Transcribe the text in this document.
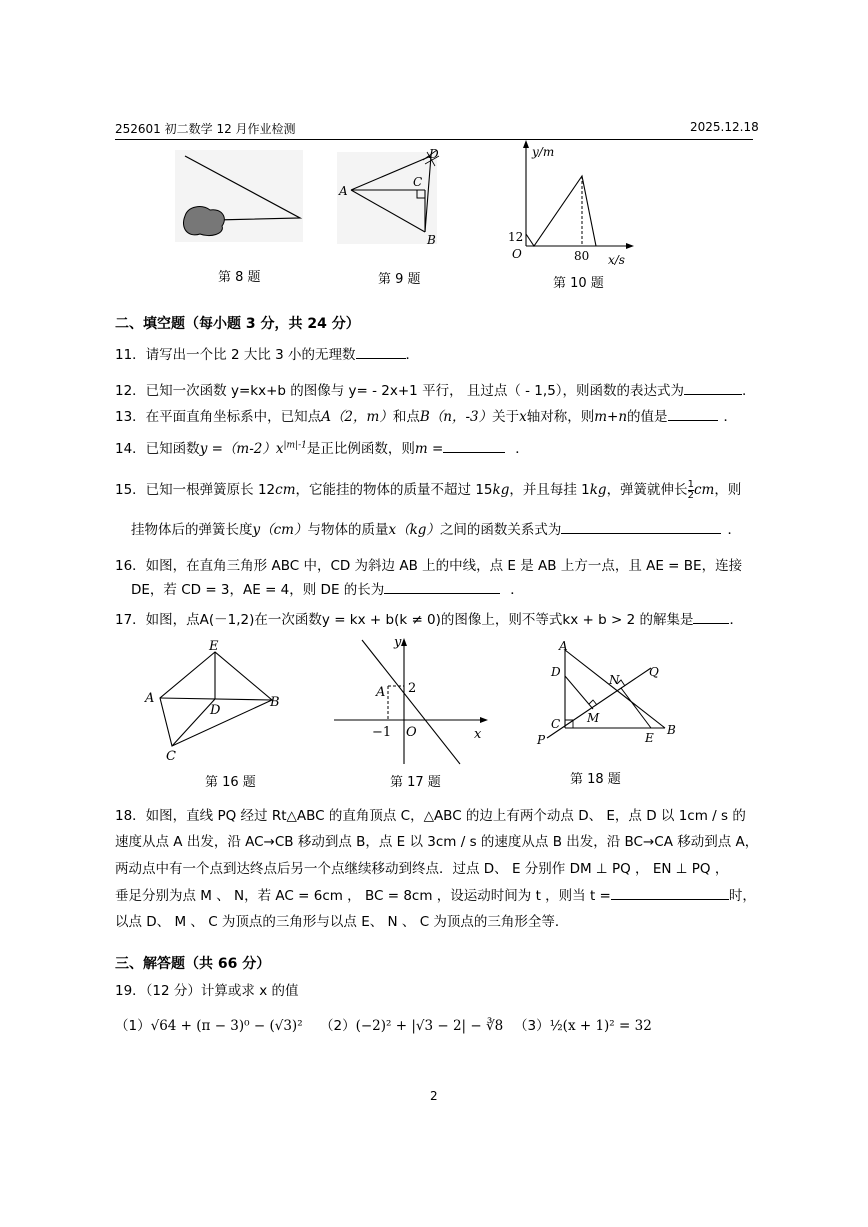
252601 初二数学 12 月作业检测	2025.12.18
第 8 题
A
B
C
D
第 9 题
y/m
x/s
O
12
80
第 10 题
二、填空题（每小题 3 分，共 24 分）
11．请写出一个比 2 大比 3 小的无理数	．
12．已知一次函数 y=kx+b 的图像与 y= - 2x+1 平行， 且过点（ - 1,5），则函数的表达式为	.
13．在平面直角坐标系中，已知点A（2，m）和点B（n，-3）关于x轴对称，则m+n的值是	．
14．已知函数$y =(m-2)x^{|m|-1}$是正比例函数，则m =	．
15．已知一根弹簧原长 12cm，它能挂的物体的质量不超过 15kg，并且每挂 1kg，弹簧就伸长 $\frac{1}{2}$ cm，则
挂物体后的弹簧长度y（cm）与物体的质量x（kg）之间的函数关系式为	．
16．如图，在直角三角形 ABC 中，CD 为斜边 AB 上的中线，点 E 是 AB 上方一点，且 AE = BE，连接
DE，若 CD = 3，AE = 4，则 DE 的长为	．
17．如图，点A(－1,2)在一次函数y = kx + b(k ≠ 0)的图像上，则不等式kx + b > 2 的解集是	．
E
A	B
C
D
第 16 题
y
x
O
A 2
−1
第 17 题
A
D
N
Q
M
C
P	E
B
第 18 题
18．如图，直线 PQ 经过 Rt△ABC 的直角顶点 C，△ABC 的边上有两个动点 D、 E，点 D 以 1cm / s 的
速度从点 A 出发，沿 AC→CB 移动到点 B，点 E 以 3cm / s 的速度从点 B 出发，沿 BC→CA 移动到点 A，
两动点中有一个点到达终点后另一个点继续移动到终点．过点 D、 E 分别作 DM ⊥ PQ ， EN ⊥ PQ ，
垂足分别为点 M 、 N，若 AC = 6cm ， BC = 8cm ，设运动时间为 t ，则当 t =	时，
以点 D、 M 、 C 为顶点的三角形与以点 E、 N 、 C 为顶点的三角形全等．
三、解答题（共 66 分）
19．（12 分）计算或求 x 的值
（1）√64 + (π − 3)⁰ − (√3)² （2）(−2)² + |√3 − 2| − ∛8 （3）½(x + 1)² = 32
2
